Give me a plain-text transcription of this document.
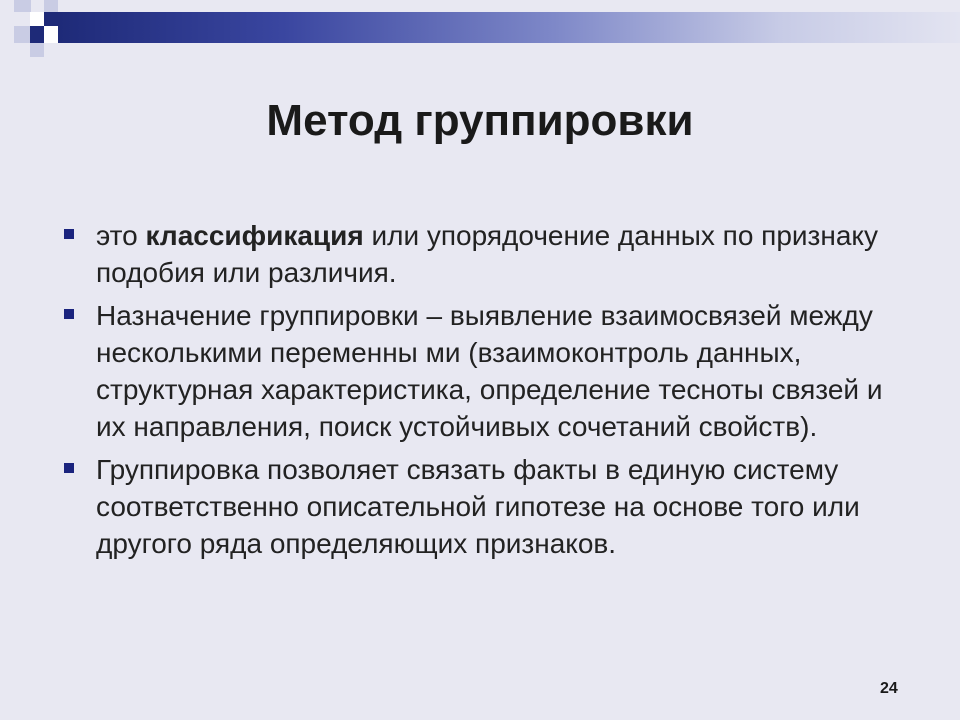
Метод группировки
это классификация или упорядочение данных по признаку подобия или различия.
Назначение группировки – выявление взаимосвязей между несколькими переменны ми (взаимоконтроль данных, структурная характеристика, определение тесноты связей и их направления, поиск устойчивых сочетаний свойств).
Группировка позволяет связать факты в единую систему соответственно описательной гипотезе на основе того или другого ряда определяющих признаков.
24
